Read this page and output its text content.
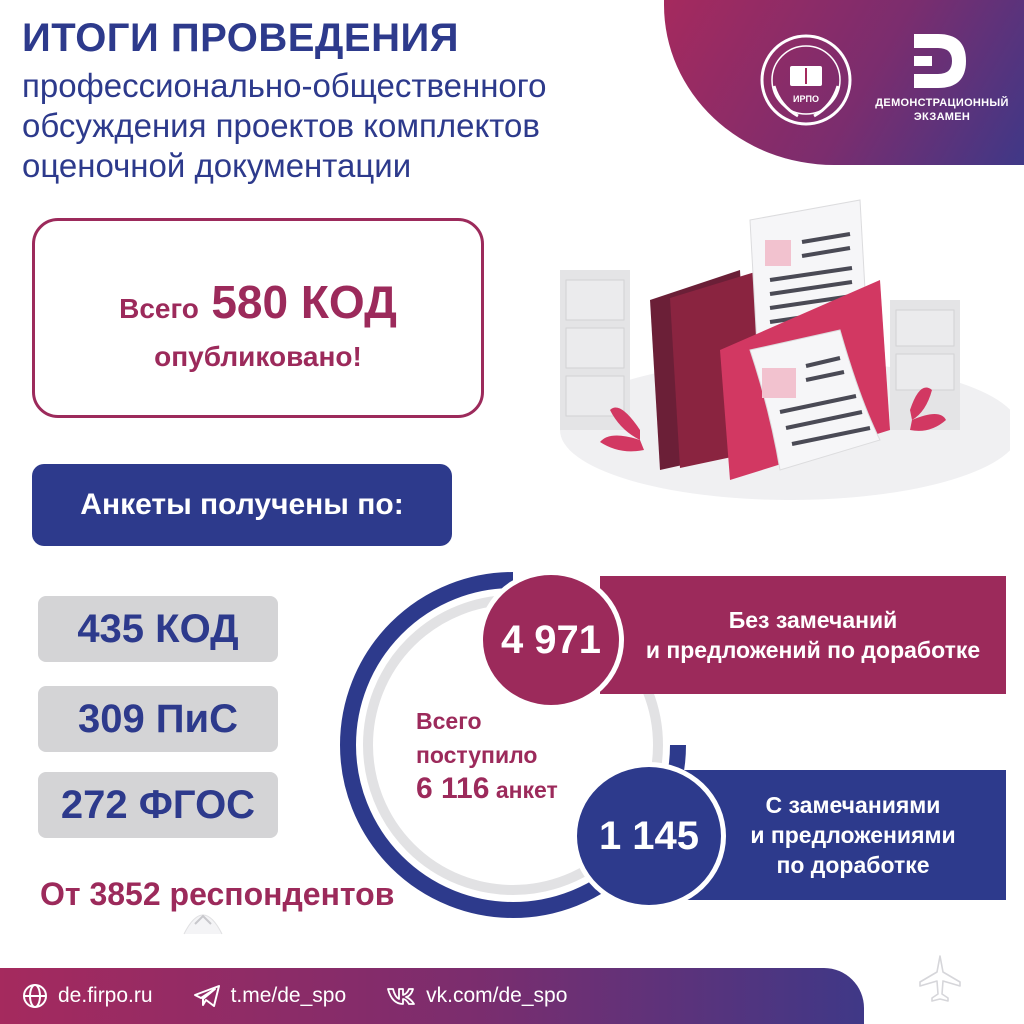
ИРПО	ДЕМОНСТРАЦИОННЫЙ
ЭКЗАМЕН
ИТОГИ ПРОВЕДЕНИЯ
профессионально-общественного обсуждения проектов комплектов оценочной документации
Всего 580 КОД
опубликовано!
Анкеты получены по:
435 КОД
309 ПиС
272 ФГОС
От 3852 респондентов
Всего
поступило
6 116 анкет
Без замечаний
и предложений по доработке
4 971
С замечаниями
и предложениями
по доработке
1 145
de.firpo.ru	t.me/de_spo	vk.com/de_spo
